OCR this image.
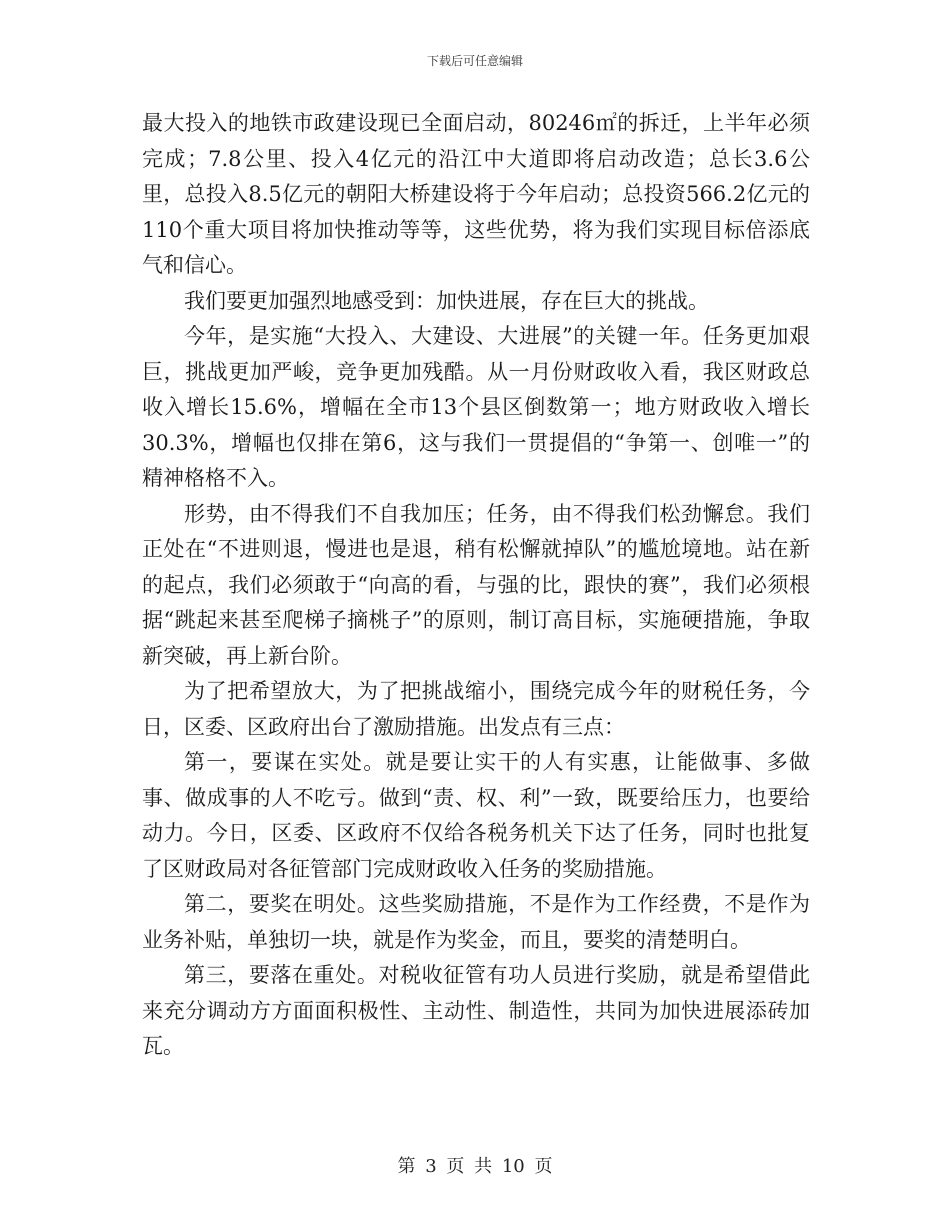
下载后可任意编辑

最大投入的地铁市政建设现已全面启动，80246㎡的拆迁，上半年必须完成；7.8公里、投入4亿元的沿江中大道即将启动改造；总长3.6公里，总投入8.5亿元的朝阳大桥建设将于今年启动；总投资566.2亿元的110个重大项目将加快推动等等，这些优势，将为我们实现目标倍添底气和信心。

我们要更加强烈地感受到：加快进展，存在巨大的挑战。

今年，是实施“大投入、大建设、大进展”的关键一年。任务更加艰巨，挑战更加严峻，竞争更加残酷。从一月份财政收入看，我区财政总收入增长15.6%，增幅在全市13个县区倒数第一；地方财政收入增长30.3%，增幅也仅排在第6，这与我们一贯提倡的“争第一、创唯一”的精神格格不入。

形势，由不得我们不自我加压；任务，由不得我们松劲懈怠。我们正处在“不进则退，慢进也是退，稍有松懈就掉队”的尴尬境地。站在新的起点，我们必须敢于“向高的看，与强的比，跟快的赛”，我们必须根据“跳起来甚至爬梯子摘桃子”的原则，制订高目标，实施硬措施，争取新突破，再上新台阶。

为了把希望放大，为了把挑战缩小，围绕完成今年的财税任务，今日，区委、区政府出台了激励措施。出发点有三点：

第一，要谋在实处。就是要让实干的人有实惠，让能做事、多做事、做成事的人不吃亏。做到“责、权、利”一致，既要给压力，也要给动力。今日，区委、区政府不仅给各税务机关下达了任务，同时也批复了区财政局对各征管部门完成财政收入任务的奖励措施。

第二，要奖在明处。这些奖励措施，不是作为工作经费，不是作为业务补贴，单独切一块，就是作为奖金，而且，要奖的清楚明白。

第三，要落在重处。对税收征管有功人员进行奖励，就是希望借此来充分调动方方面面积极性、主动性、制造性，共同为加快进展添砖加瓦。

第 3 页 共 10 页
